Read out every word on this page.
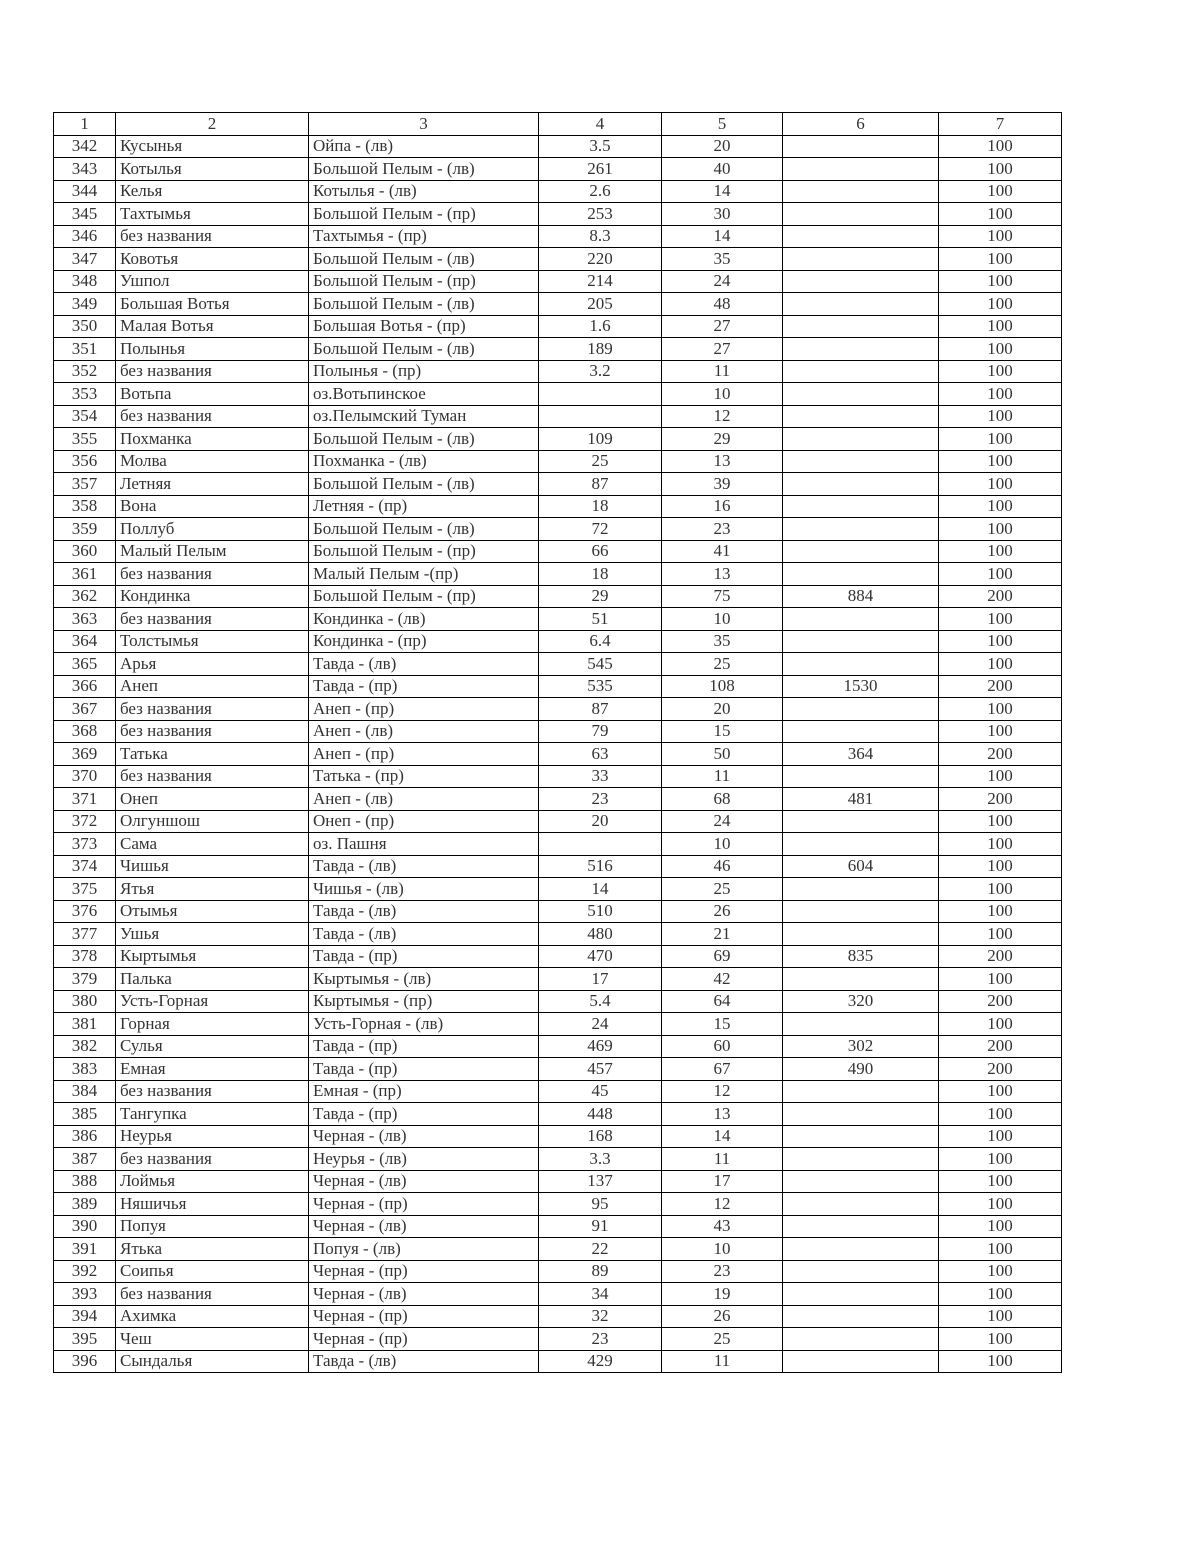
1	2	3	4	5	6	7
342	Кусынья	Ойпа - (лв)	3.5	20		100
343	Котылья	Большой Пелым - (лв)	261	40		100
344	Келья	Котылья - (лв)	2.6	14		100
345	Тахтымья	Большой Пелым - (пр)	253	30		100
346	без названия	Тахтымья - (пр)	8.3	14		100
347	Ковотья	Большой Пелым - (лв)	220	35		100
348	Ушпол	Большой Пелым - (пр)	214	24		100
349	Большая Вотья	Большой Пелым - (лв)	205	48		100
350	Малая Вотья	Большая Вотья - (пр)	1.6	27		100
351	Полынья	Большой Пелым - (лв)	189	27		100
352	без названия	Полынья - (пр)	3.2	11		100
353	Вотьпа	оз.Вотьпинское		10		100
354	без названия	оз.Пелымский Туман		12		100
355	Похманка	Большой Пелым - (лв)	109	29		100
356	Молва	Похманка - (лв)	25	13		100
357	Летняя	Большой Пелым - (лв)	87	39		100
358	Вона	Летняя - (пр)	18	16		100
359	Поллуб	Большой Пелым - (лв)	72	23		100
360	Малый Пелым	Большой Пелым - (пр)	66	41		100
361	без названия	Малый Пелым -(пр)	18	13		100
362	Кондинка	Большой Пелым - (пр)	29	75	884	200
363	без названия	Кондинка - (лв)	51	10		100
364	Толстымья	Кондинка - (пр)	6.4	35		100
365	Арья	Тавда - (лв)	545	25		100
366	Анеп	Тавда - (пр)	535	108	1530	200
367	без названия	Анеп - (пр)	87	20		100
368	без названия	Анеп - (лв)	79	15		100
369	Татька	Анеп - (пр)	63	50	364	200
370	без названия	Татька - (пр)	33	11		100
371	Онеп	Анеп - (лв)	23	68	481	200
372	Олгуншош	Онеп - (пр)	20	24		100
373	Сама	оз. Пашня		10		100
374	Чишья	Тавда - (лв)	516	46	604	100
375	Ятья	Чишья - (лв)	14	25		100
376	Отымья	Тавда - (лв)	510	26		100
377	Ушья	Тавда - (лв)	480	21		100
378	Кыртымья	Тавда - (пр)	470	69	835	200
379	Палька	Кыртымья - (лв)	17	42		100
380	Усть-Горная	Кыртымья - (пр)	5.4	64	320	200
381	Горная	Усть-Горная - (лв)	24	15		100
382	Сулья	Тавда - (пр)	469	60	302	200
383	Емная	Тавда - (пр)	457	67	490	200
384	без названия	Емная - (пр)	45	12		100
385	Тангупка	Тавда - (пр)	448	13		100
386	Неурья	Черная - (лв)	168	14		100
387	без названия	Неурья - (лв)	3.3	11		100
388	Лоймья	Черная - (лв)	137	17		100
389	Няшичья	Черная - (пр)	95	12		100
390	Попуя	Черная - (лв)	91	43		100
391	Ятька	Попуя - (лв)	22	10		100
392	Соипья	Черная - (пр)	89	23		100
393	без названия	Черная - (лв)	34	19		100
394	Ахимка	Черная - (пр)	32	26		100
395	Чеш	Черная - (пр)	23	25		100
396	Сындалья	Тавда - (лв)	429	11		100
